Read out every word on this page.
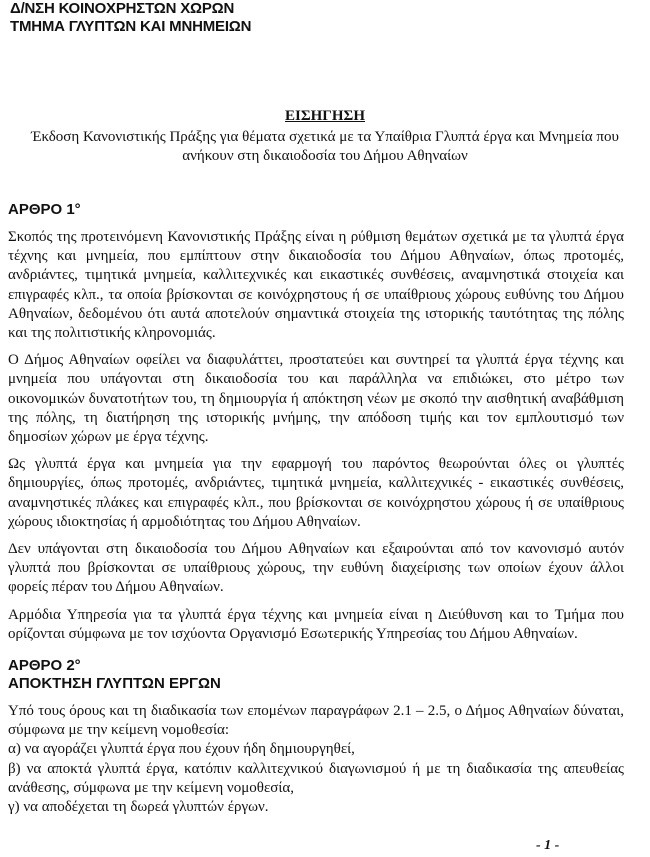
Δ/ΝΣΗ ΚΟΙΝΟΧΡΗΣΤΩΝ ΧΩΡΩΝ
ΤΜΗΜΑ ΓΛΥΠΤΩΝ ΚΑΙ ΜΝΗΜΕΙΩΝ
ΕΙΣΗΓΗΣΗ
Έκδοση Κανονιστικής Πράξης για θέματα σχετικά με τα Υπαίθρια Γλυπτά έργα και Μνημεία που ανήκουν στη δικαιοδοσία του Δήμου Αθηναίων
ΑΡΘΡΟ 1°

Σκοπός της προτεινόμενη Κανονιστικής Πράξης είναι η ρύθμιση θεμάτων σχετικά με τα γλυπτά έργα τέχνης και μνημεία, που εμπίπτουν στην δικαιοδοσία του Δήμου Αθηναίων, όπως προτομές, ανδριάντες, τιμητικά μνημεία, καλλιτεχνικές και εικαστικές συνθέσεις, αναμνηστικά στοιχεία και επιγραφές κλπ., τα οποία βρίσκονται σε κοινόχρηστους ή σε υπαίθριους χώρους ευθύνης του Δήμου Αθηναίων, δεδομένου ότι αυτά αποτελούν σημαντικά στοιχεία της ιστορικής ταυτότητας της πόλης και της πολιτιστικής κληρονομιάς.

Ο Δήμος Αθηναίων οφείλει να διαφυλάττει, προστατεύει και συντηρεί τα γλυπτά έργα τέχνης και μνημεία που υπάγονται στη δικαιοδοσία του και παράλληλα να επιδιώκει, στο μέτρο των οικονομικών δυνατοτήτων του, τη δημιουργία ή απόκτηση νέων με σκοπό την αισθητική αναβάθμιση της πόλης, τη διατήρηση της ιστορικής μνήμης, την απόδοση τιμής και τον εμπλουτισμό των δημοσίων χώρων με έργα τέχνης.

Ως γλυπτά έργα και μνημεία για την εφαρμογή του παρόντος θεωρούνται όλες οι γλυπτές δημιουργίες, όπως προτομές, ανδριάντες, τιμητικά μνημεία, καλλιτεχνικές - εικαστικές συνθέσεις, αναμνηστικές πλάκες και επιγραφές κλπ., που βρίσκονται σε κοινόχρηστου χώρους ή σε υπαίθριους χώρους ιδιοκτησίας ή αρμοδιότητας του Δήμου Αθηναίων.

Δεν υπάγονται στη δικαιοδοσία του Δήμου Αθηναίων και εξαιρούνται από τον κανονισμό αυτόν γλυπτά που βρίσκονται σε υπαίθριους χώρους, την ευθύνη διαχείρισης των οποίων έχουν άλλοι φορείς πέραν του Δήμου Αθηναίων.

Αρμόδια Υπηρεσία για τα γλυπτά έργα τέχνης και μνημεία είναι η Διεύθυνση και το Τμήμα που ορίζονται σύμφωνα με τον ισχύοντα Οργανισμό Εσωτερικής Υπηρεσίας του Δήμου Αθηναίων.

ΑΡΘΡΟ 2°
ΑΠΟΚΤΗΣΗ ΓΛΥΠΤΩΝ ΕΡΓΩΝ

Υπό τους όρους και τη διαδικασία των επομένων παραγράφων 2.1 – 2.5, ο Δήμος Αθηναίων δύναται, σύμφωνα με την κείμενη νομοθεσία:

α) να αγοράζει γλυπτά έργα που έχουν ήδη δημιουργηθεί,

β) να αποκτά γλυπτά έργα, κατόπιν καλλιτεχνικού διαγωνισμού ή με τη διαδικασία της απευθείας ανάθεσης, σύμφωνα με την κείμενη νομοθεσία,

γ) να αποδέχεται τη δωρεά γλυπτών έργων.

- 1 -
